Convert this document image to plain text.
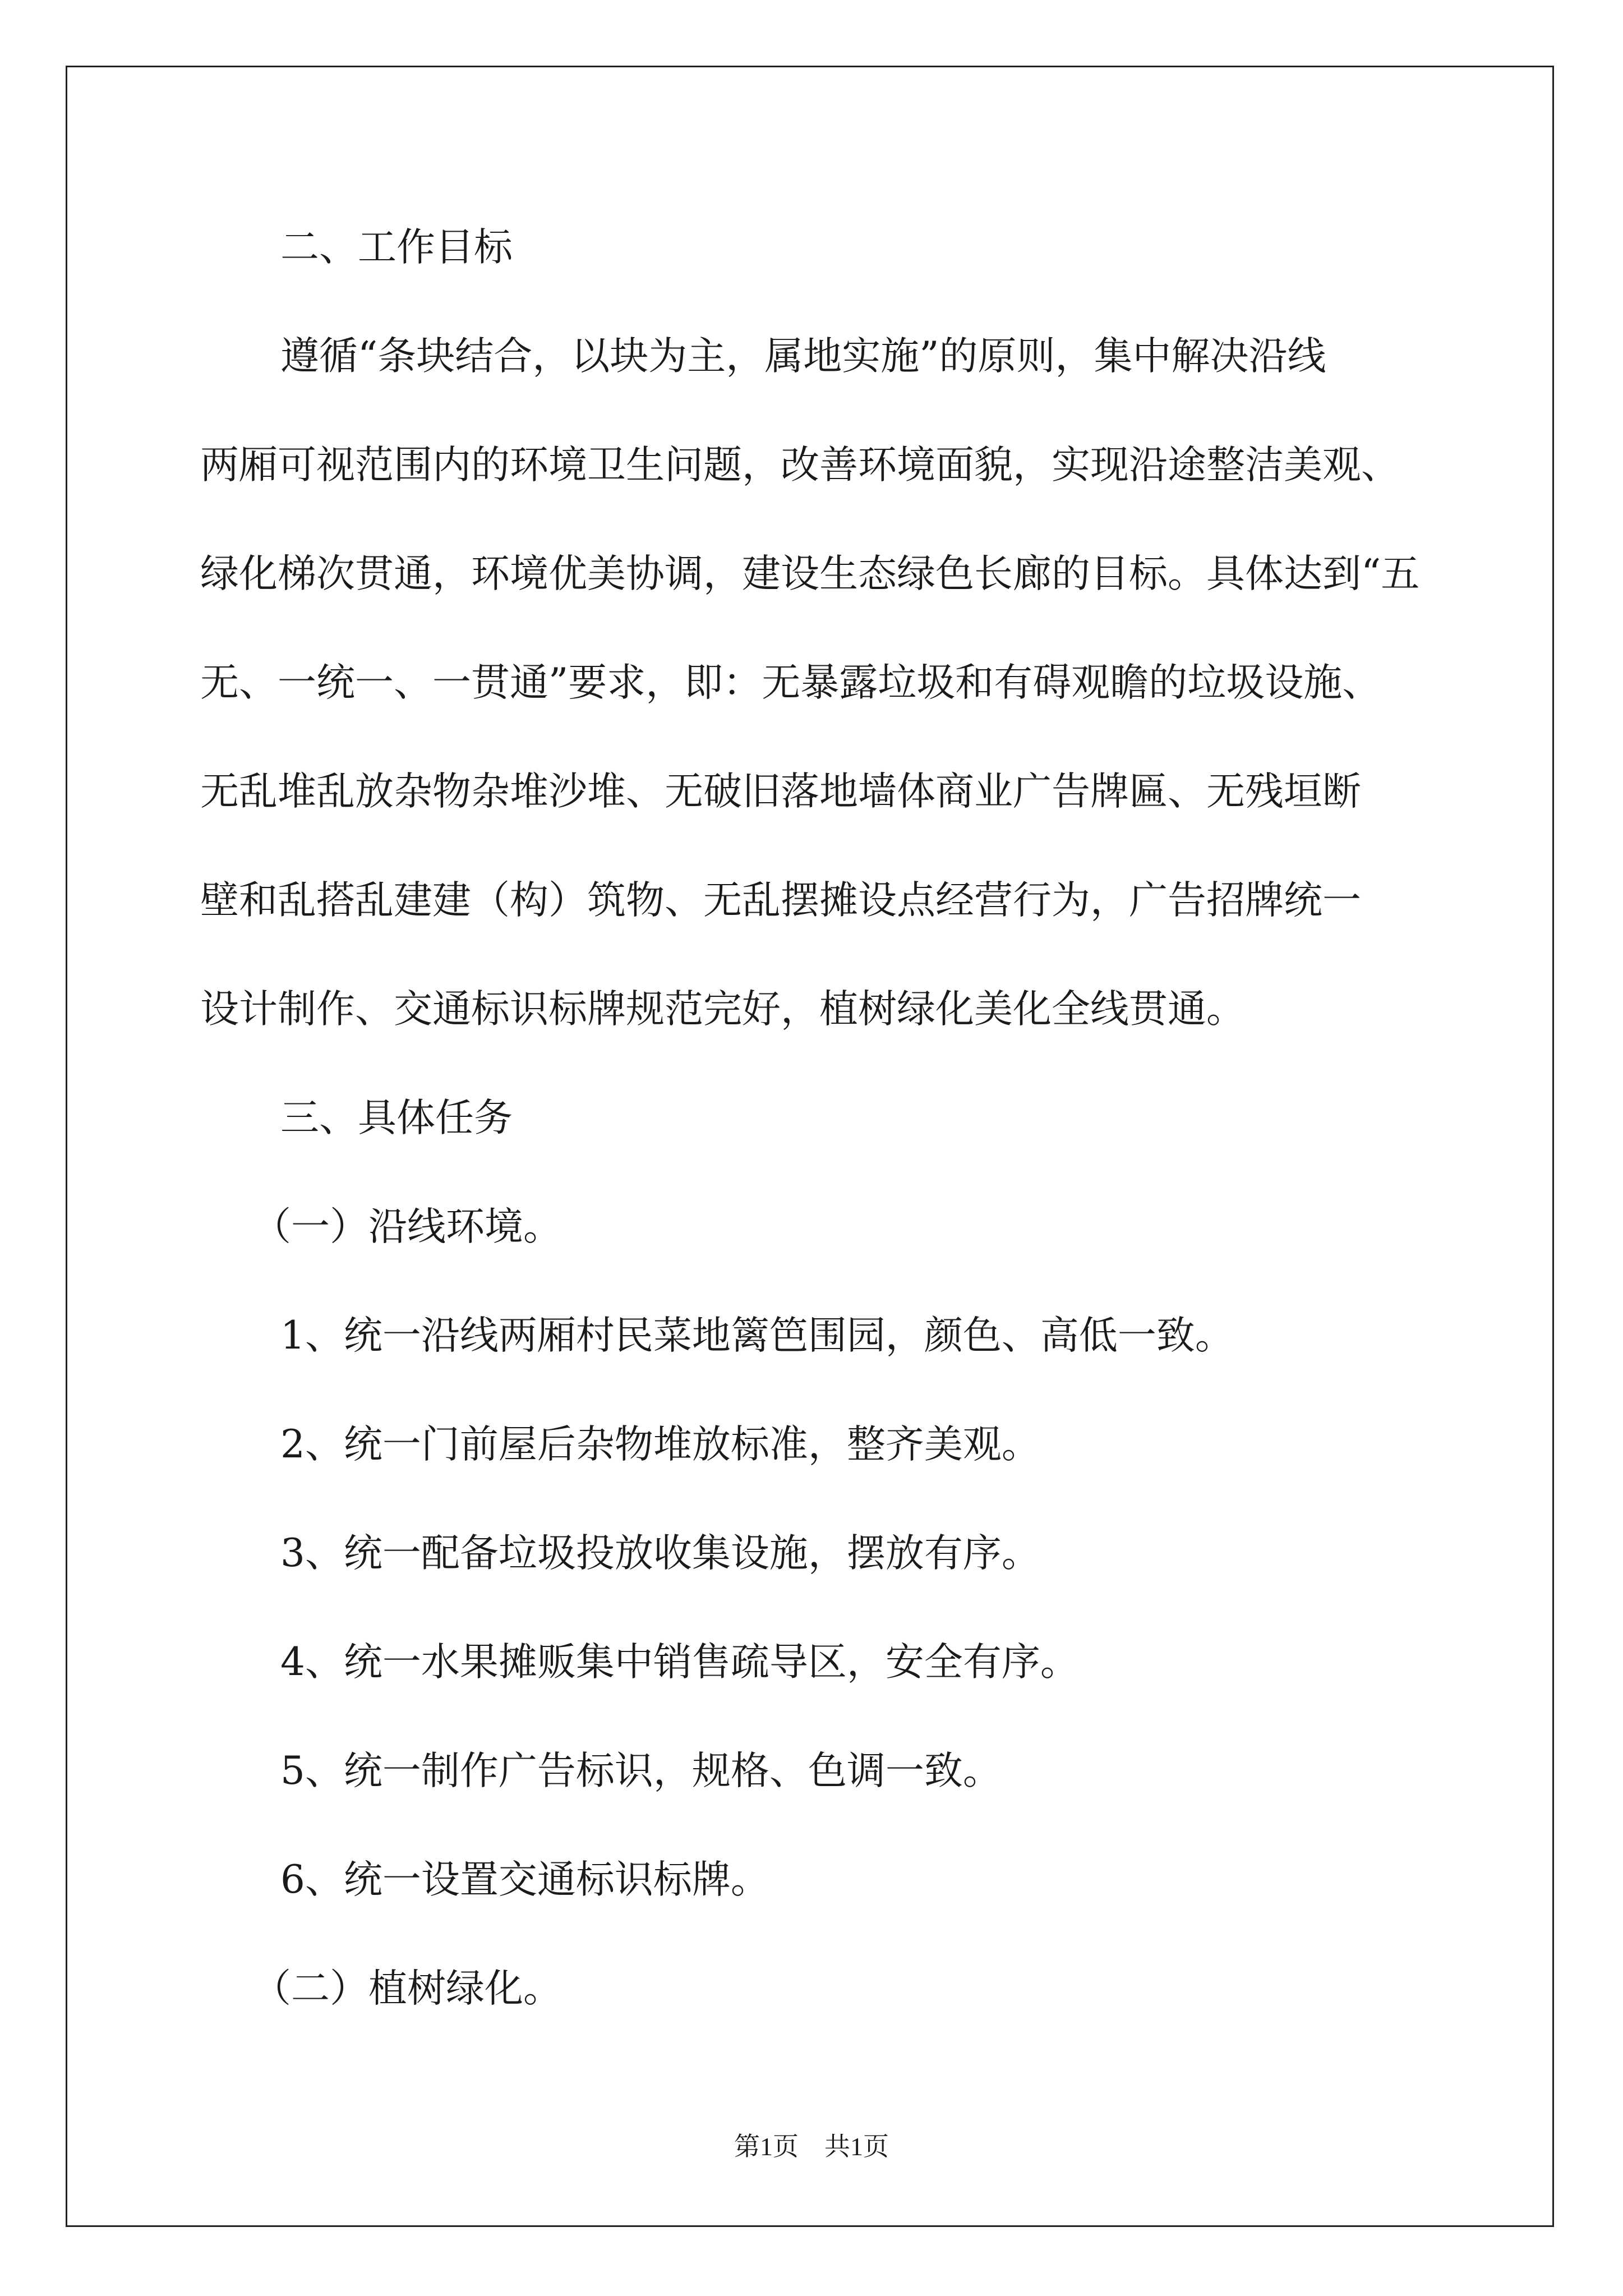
二、工作目标

遵循“条块结合，以块为主，属地实施”的原则，集中解决沿线

两厢可视范围内的环境卫生问题，改善环境面貌，实现沿途整洁美观、

绿化梯次贯通，环境优美协调，建设生态绿色长廊的目标。具体达到“五

无、一统一、一贯通”要求，即：无暴露垃圾和有碍观瞻的垃圾设施、

无乱堆乱放杂物杂堆沙堆、无破旧落地墙体商业广告牌匾、无残垣断

壁和乱搭乱建建（构）筑物、无乱摆摊设点经营行为，广告招牌统一

设计制作、交通标识标牌规范完好，植树绿化美化全线贯通。

三、具体任务

（一）沿线环境。

1、统一沿线两厢村民菜地篱笆围园，颜色、高低一致。

2、统一门前屋后杂物堆放标准，整齐美观。

3、统一配备垃圾投放收集设施，摆放有序。

4、统一水果摊贩集中销售疏导区，安全有序。

5、统一制作广告标识，规格、色调一致。

6、统一设置交通标识标牌。

（二）植树绿化。

第1页　共1页
